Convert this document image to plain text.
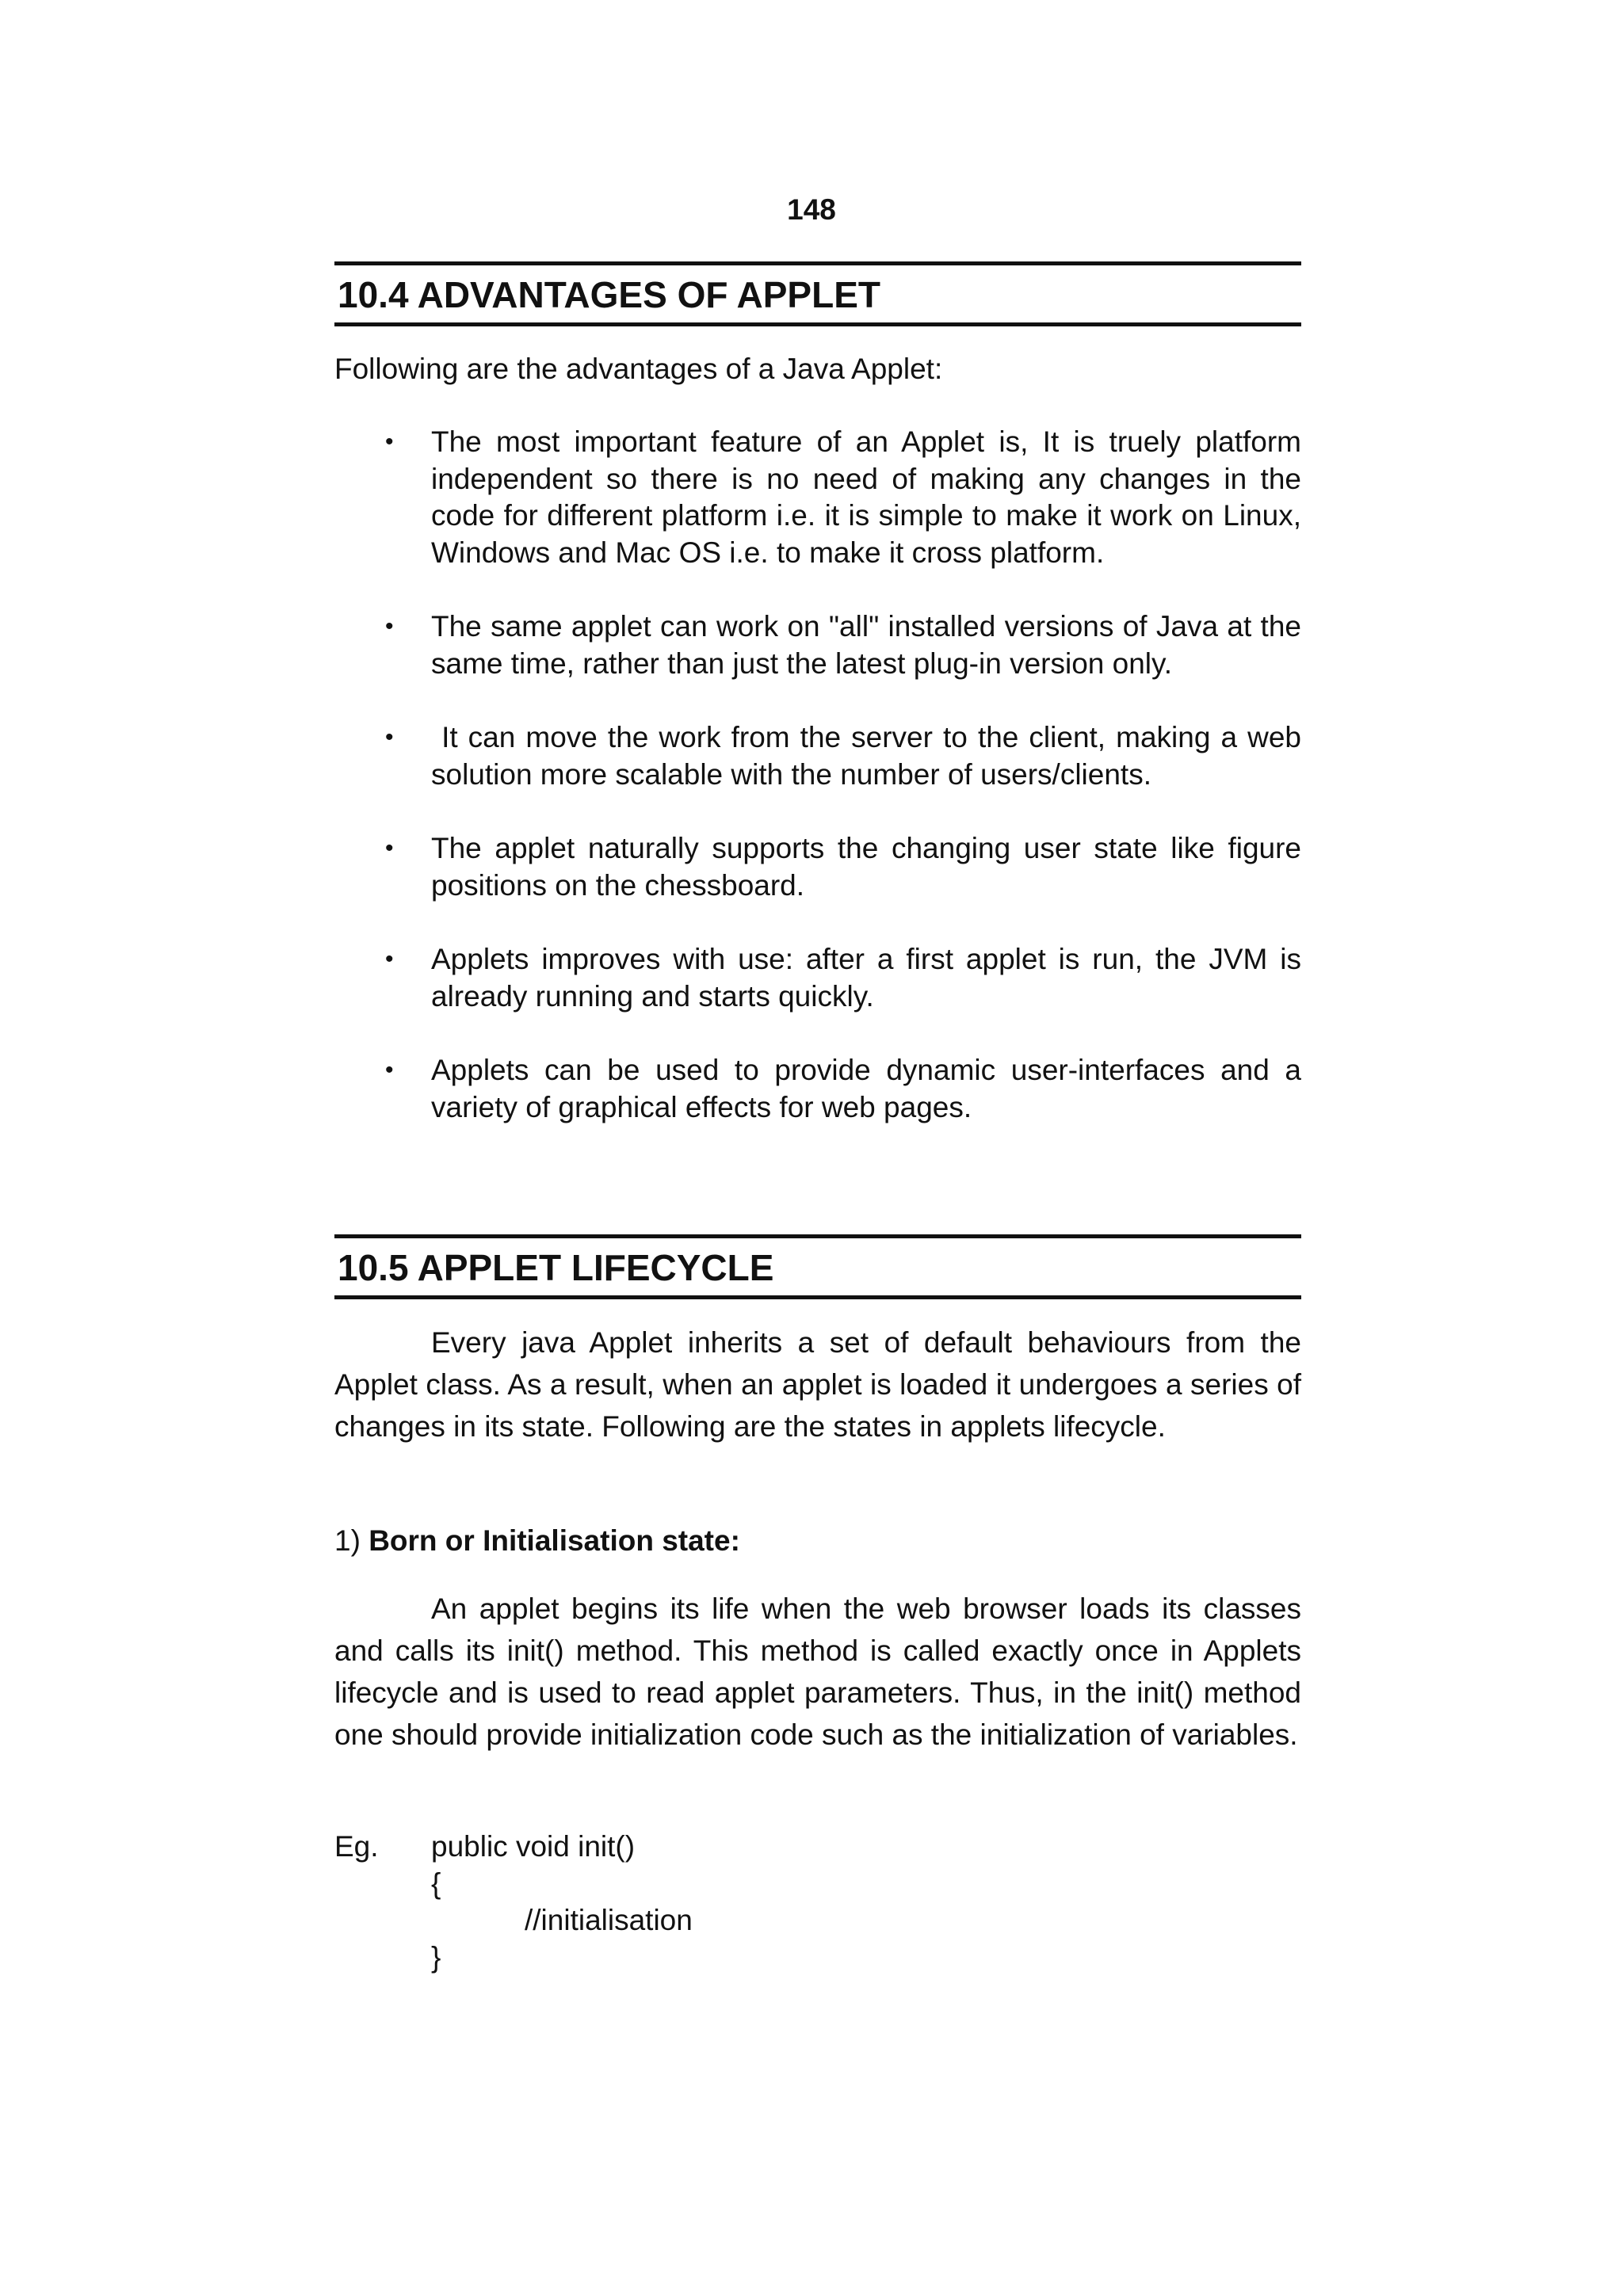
148
10.4 ADVANTAGES OF APPLET
Following are the advantages of a Java Applet:
• The most important feature of an Applet is, It is truely platform independent so there is no need of making any changes in the code for different platform i.e. it is simple to make it work on Linux, Windows and Mac OS i.e. to make it cross platform.
• The same applet can work on "all" installed versions of Java at the same time, rather than just the latest plug-in version only.
• It can move the work from the server to the client, making a web solution more scalable with the number of users/clients.
• The applet naturally supports the changing user state like figure positions on the chessboard.
• Applets improves with use: after a first applet is run, the JVM is already running and starts quickly.
• Applets can be used to provide dynamic user-interfaces and a variety of graphical effects for web pages.
10.5 APPLET LIFECYCLE
Every java Applet inherits a set of default behaviours from the Applet class. As a result, when an applet is loaded it undergoes a series of changes in its state. Following are the states in applets lifecycle.
1) Born or Initialisation state:
An applet begins its life when the web browser loads its classes and calls its init() method. This method is called exactly once in Applets lifecycle and is used to read applet parameters. Thus, in the init() method one should provide initialization code such as the initialization of variables.
Eg.	public void init()
{
//initialisation
}
